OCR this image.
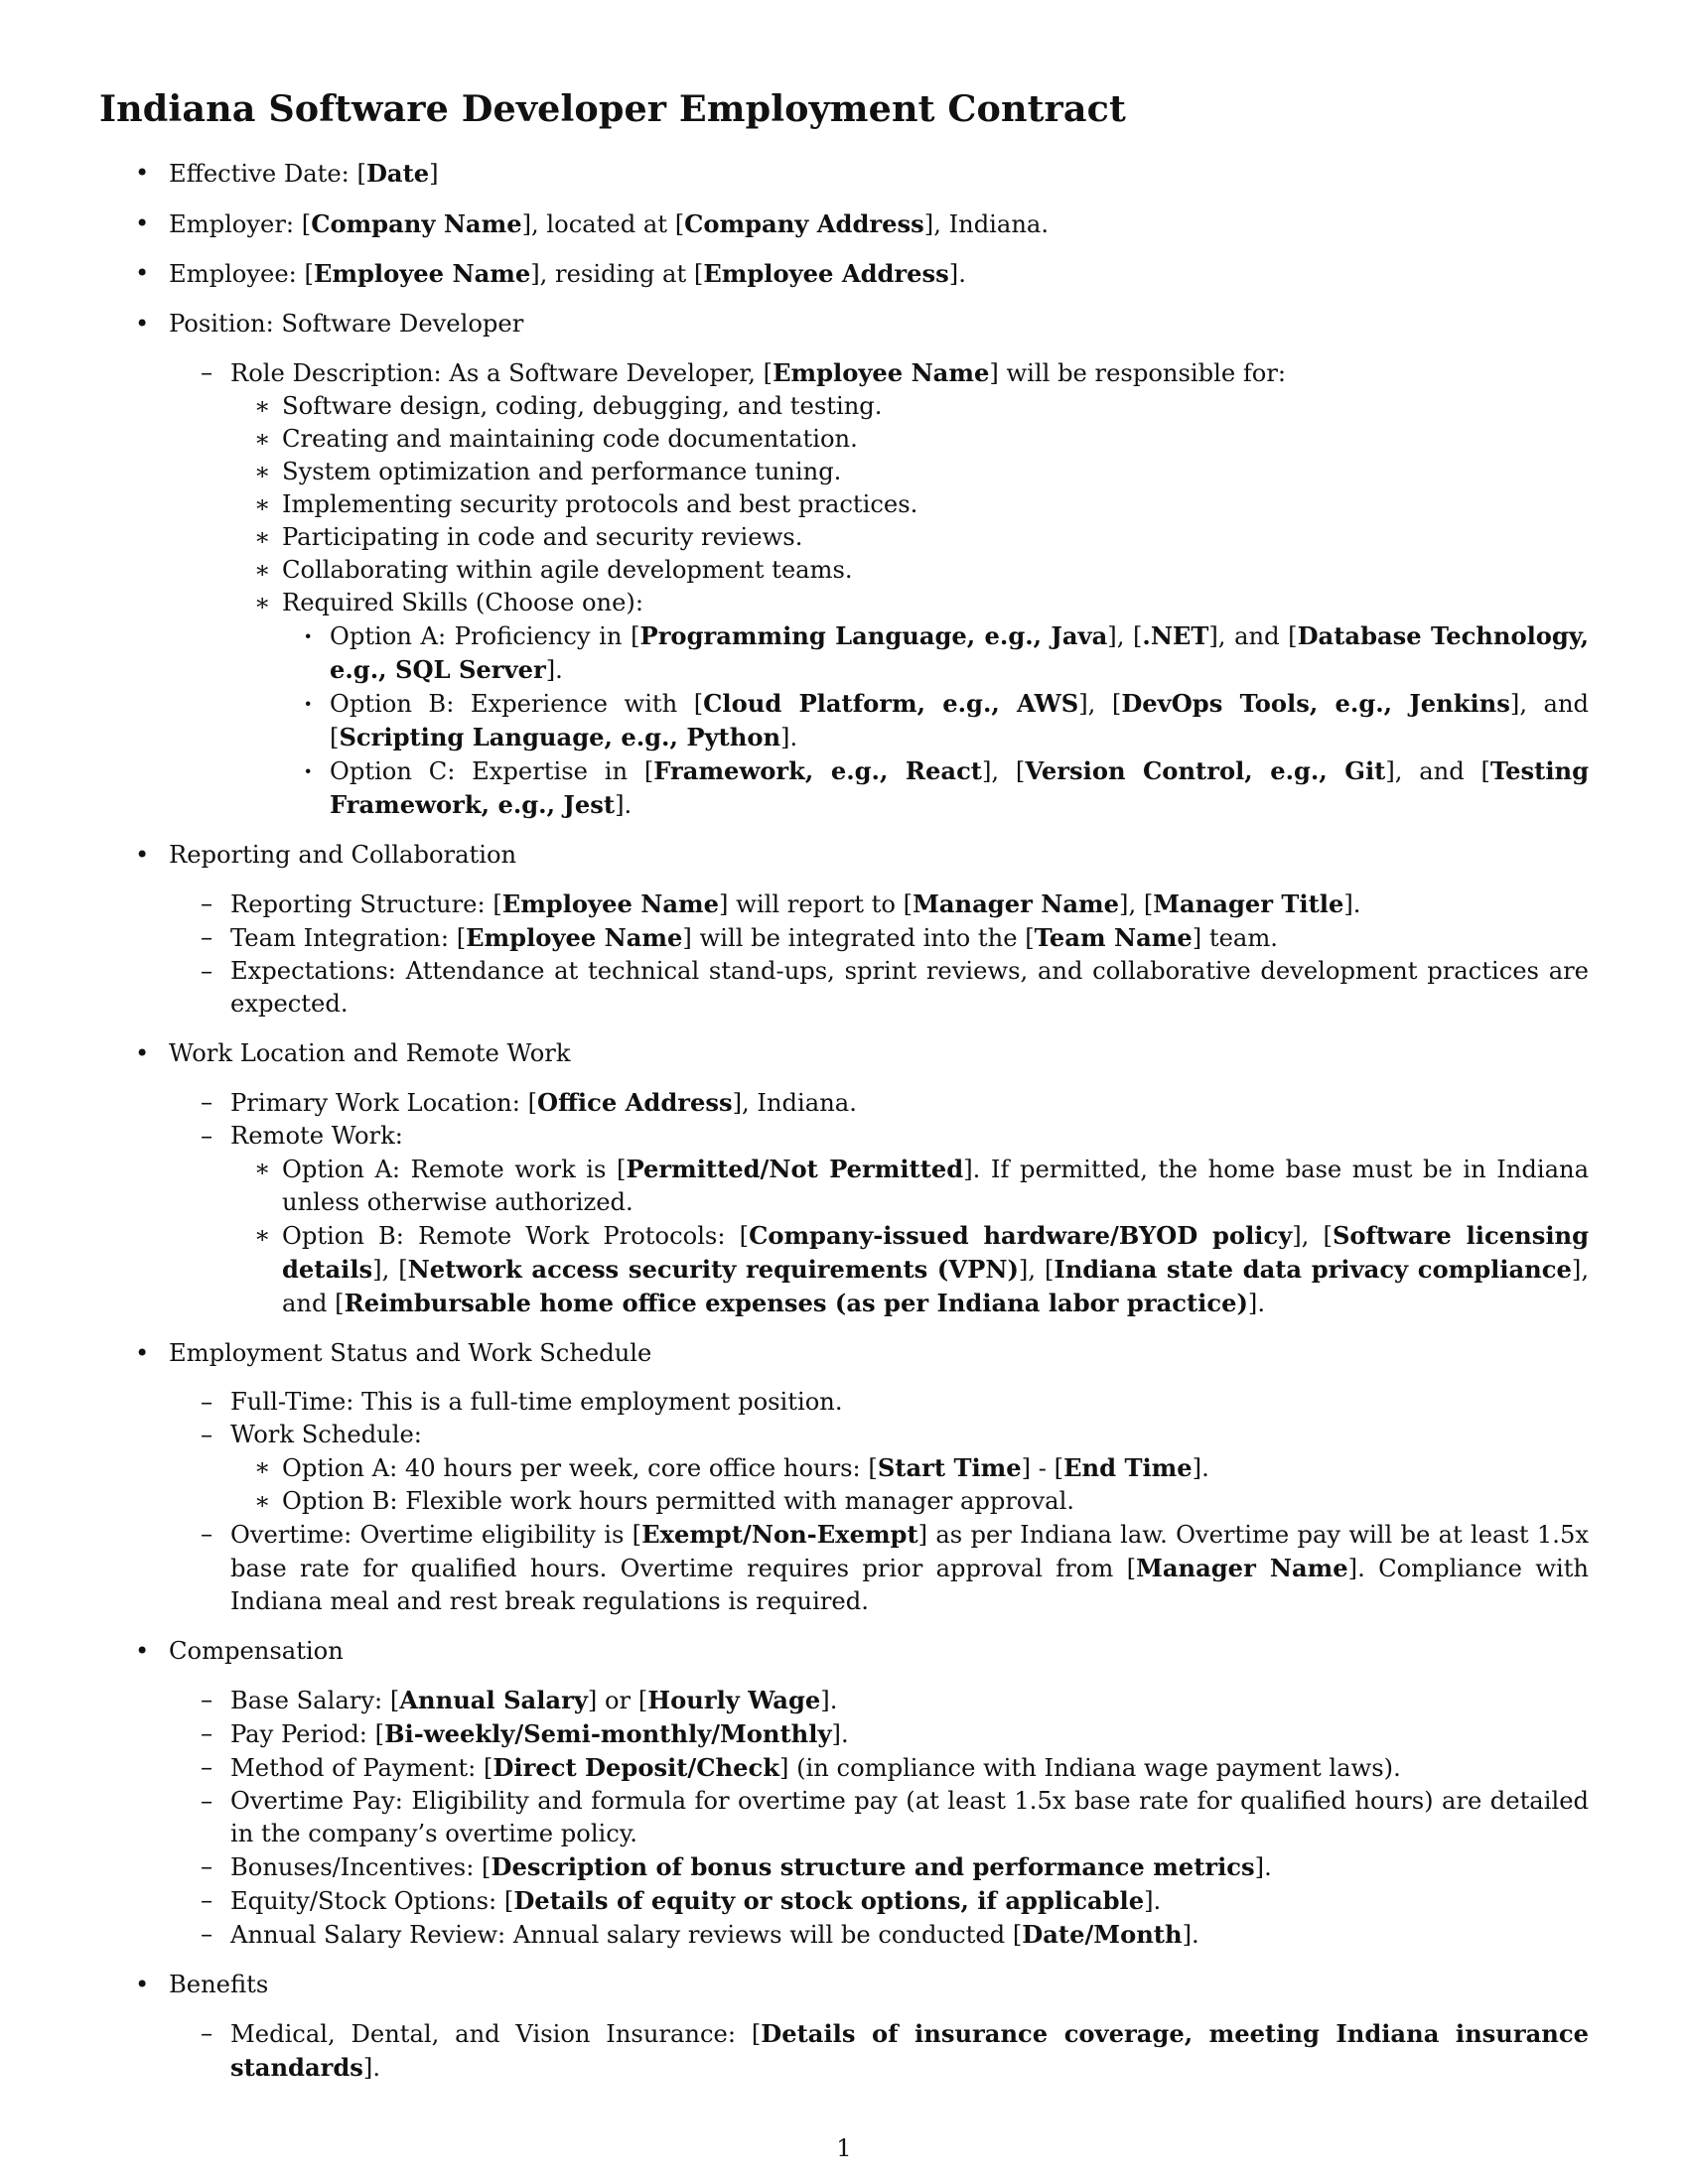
Indiana Software Developer Employment Contract
• Effective Date: [Date]
• Employer: [Company Name], located at [Company Address], Indiana.
• Employee: [Employee Name], residing at [Employee Address].
• Position: Software Developer
– Role Description: As a Software Developer, [Employee Name] will be responsible for:
∗ Software design, coding, debugging, and testing.
∗ Creating and maintaining code documentation.
∗ System optimization and performance tuning.
∗ Implementing security protocols and best practices.
∗ Participating in code and security reviews.
∗ Collaborating within agile development teams.
∗ Required Skills (Choose one):
· Option A: Proficiency in [Programming Language, e.g., Java], [.NET], and [Database Technology, e.g., SQL Server].
· Option B: Experience with [Cloud Platform, e.g., AWS], [DevOps Tools, e.g., Jenkins], and [Scripting Language, e.g., Python].
· Option C: Expertise in [Framework, e.g., React], [Version Control, e.g., Git], and [Testing Framework, e.g., Jest].
• Reporting and Collaboration
– Reporting Structure: [Employee Name] will report to [Manager Name], [Manager Title].
– Team Integration: [Employee Name] will be integrated into the [Team Name] team.
– Expectations: Attendance at technical stand-ups, sprint reviews, and collaborative development practices are expected.
• Work Location and Remote Work
– Primary Work Location: [Office Address], Indiana.
– Remote Work:
∗ Option A: Remote work is [Permitted/Not Permitted]. If permitted, the home base must be in Indiana unless otherwise authorized.
∗ Option B: Remote Work Protocols: [Company-issued hardware/BYOD policy], [Software licensing details], [Network access security requirements (VPN)], [Indiana state data privacy compliance], and [Reimbursable home office expenses (as per Indiana labor practice)].
• Employment Status and Work Schedule
– Full-Time: This is a full-time employment position.
– Work Schedule:
∗ Option A: 40 hours per week, core office hours: [Start Time] - [End Time].
∗ Option B: Flexible work hours permitted with manager approval.
– Overtime: Overtime eligibility is [Exempt/Non-Exempt] as per Indiana law. Overtime pay will be at least 1.5x base rate for qualified hours. Overtime requires prior approval from [Manager Name]. Compliance with Indiana meal and rest break regulations is required.
• Compensation
– Base Salary: [Annual Salary] or [Hourly Wage].
– Pay Period: [Bi-weekly/Semi-monthly/Monthly].
– Method of Payment: [Direct Deposit/Check] (in compliance with Indiana wage payment laws).
– Overtime Pay: Eligibility and formula for overtime pay (at least 1.5x base rate for qualified hours) are detailed in the company’s overtime policy.
– Bonuses/Incentives: [Description of bonus structure and performance metrics].
– Equity/Stock Options: [Details of equity or stock options, if applicable].
– Annual Salary Review: Annual salary reviews will be conducted [Date/Month].
• Benefits
– Medical, Dental, and Vision Insurance: [Details of insurance coverage, meeting Indiana insurance standards].
1
